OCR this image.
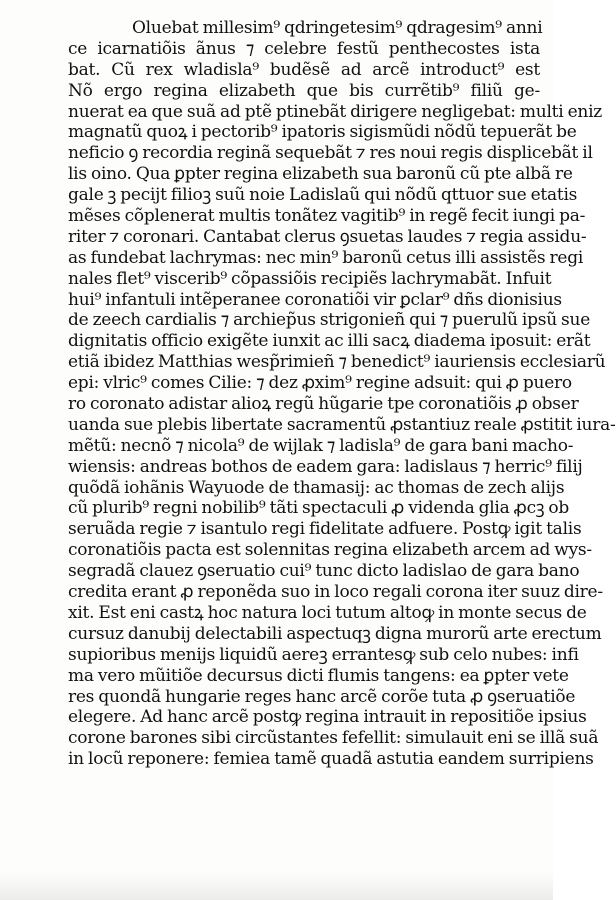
Oluebat millesim⁹ qdringetesim⁹ qdragesim⁹ anni
ce icarnatiõis ãnus ⁊ celebre festũ penthecostes ista
bat. Cũ rex wladisla⁹ budẽsẽ ad arcẽ introduct⁹ est
Nõ ergo regina elizabeth que bis currẽtib⁹ filiũ ge-
nuerat ea que suã ad ptẽ ptinebãt dirigere negligebat: multi eniz
magnatũ quoꝝ i pectorib⁹ ipatoris sigismũdi nõdũ tepuerãt be
neficio ꝯ recordia reginã sequebãt ⁊ res noui regis displicebãt il
lis oino. Qua ꝑpter regina elizabeth sua baronũ cũ pte albã re
gale ꝫ pecijt filioꝫ suũ noie Ladislaũ qui nõdũ qttuor sue etatis
mẽses cõplenerat multis tonãtez vagitib⁹ in regẽ fecit iungi pa-
riter ⁊ coronari. Cantabat clerus ꝯsuetas laudes ⁊ regia assidu-
as fundebat lachrymas: nec min⁹ baronũ cetus illi assistẽs regi
nales flet⁹ viscerib⁹ cõpassiõis recipiẽs lachrymabãt. Infuit
hui⁹ infantuli intẽperanee coronatiõi vir ꝑclar⁹ dñs dionisius
de zeech cardialis ⁊ archiep̃us strigonieñ qui ⁊ puerulũ ipsũ sue
dignitatis officio exigẽte iunxit ac illi sacꝝ diadema iposuit: erãt
etiã ibidez Matthias wesp̃rimieñ ⁊ benedict⁹ iauriensis ecclesiarũ
epi: vlric⁹ comes Cilie: ⁊ dez ꝓxim⁹ regine adsuit: qui ꝓ puero
ro coronato adistar alioꝝ regũ hũgarie tpe coronatiõis ꝓ obser
uanda sue plebis libertate sacramentũ ꝓstantiuz reale ꝓstitit iura-
mẽtũ: necnõ ⁊ nicola⁹ de wijlak ⁊ ladisla⁹ de gara bani macho-
wiensis: andreas bothos de eadem gara: ladislaus ⁊ herric⁹ filij
quõdã iohãnis Wayuode de thamasij: ac thomas de zech alijs
cũ plurib⁹ regni nobilib⁹ tãti spectaculi ꝓ videnda glia ꝓcꝫ ob
seruãda regie ⁊ isantulo regi fidelitate adfuere. Postꝙ igit talis
coronatiõis pacta est solennitas regina elizabeth arcem ad wys-
segradã clauez ꝯseruatio cui⁹ tunc dicto ladislao de gara bano
credita erant ꝓ reponẽda suo in loco regali corona iter suuz dire-
xit. Est eni castꝝ hoc natura loci tutum altoꝙ in monte secus de
cursuz danubij delectabili aspectuqꝫ digna murorũ arte erectum
supioribus menijs liquidũ aereꝫ errantesꝙ sub celo nubes: infi
ma vero mũitiõe decursus dicti flumis tangens: ea ꝑpter vete
res quondã hungarie reges hanc arcẽ corõe tuta ꝓ ꝯseruatiõe
elegere. Ad hanc arcẽ postꝙ regina intrauit in repositiõe ipsius
corone barones sibi circũstantes fefellit: simulauit eni se illã suã
in locũ reponere: femiea tamẽ quadã astutia eandem surripiens
